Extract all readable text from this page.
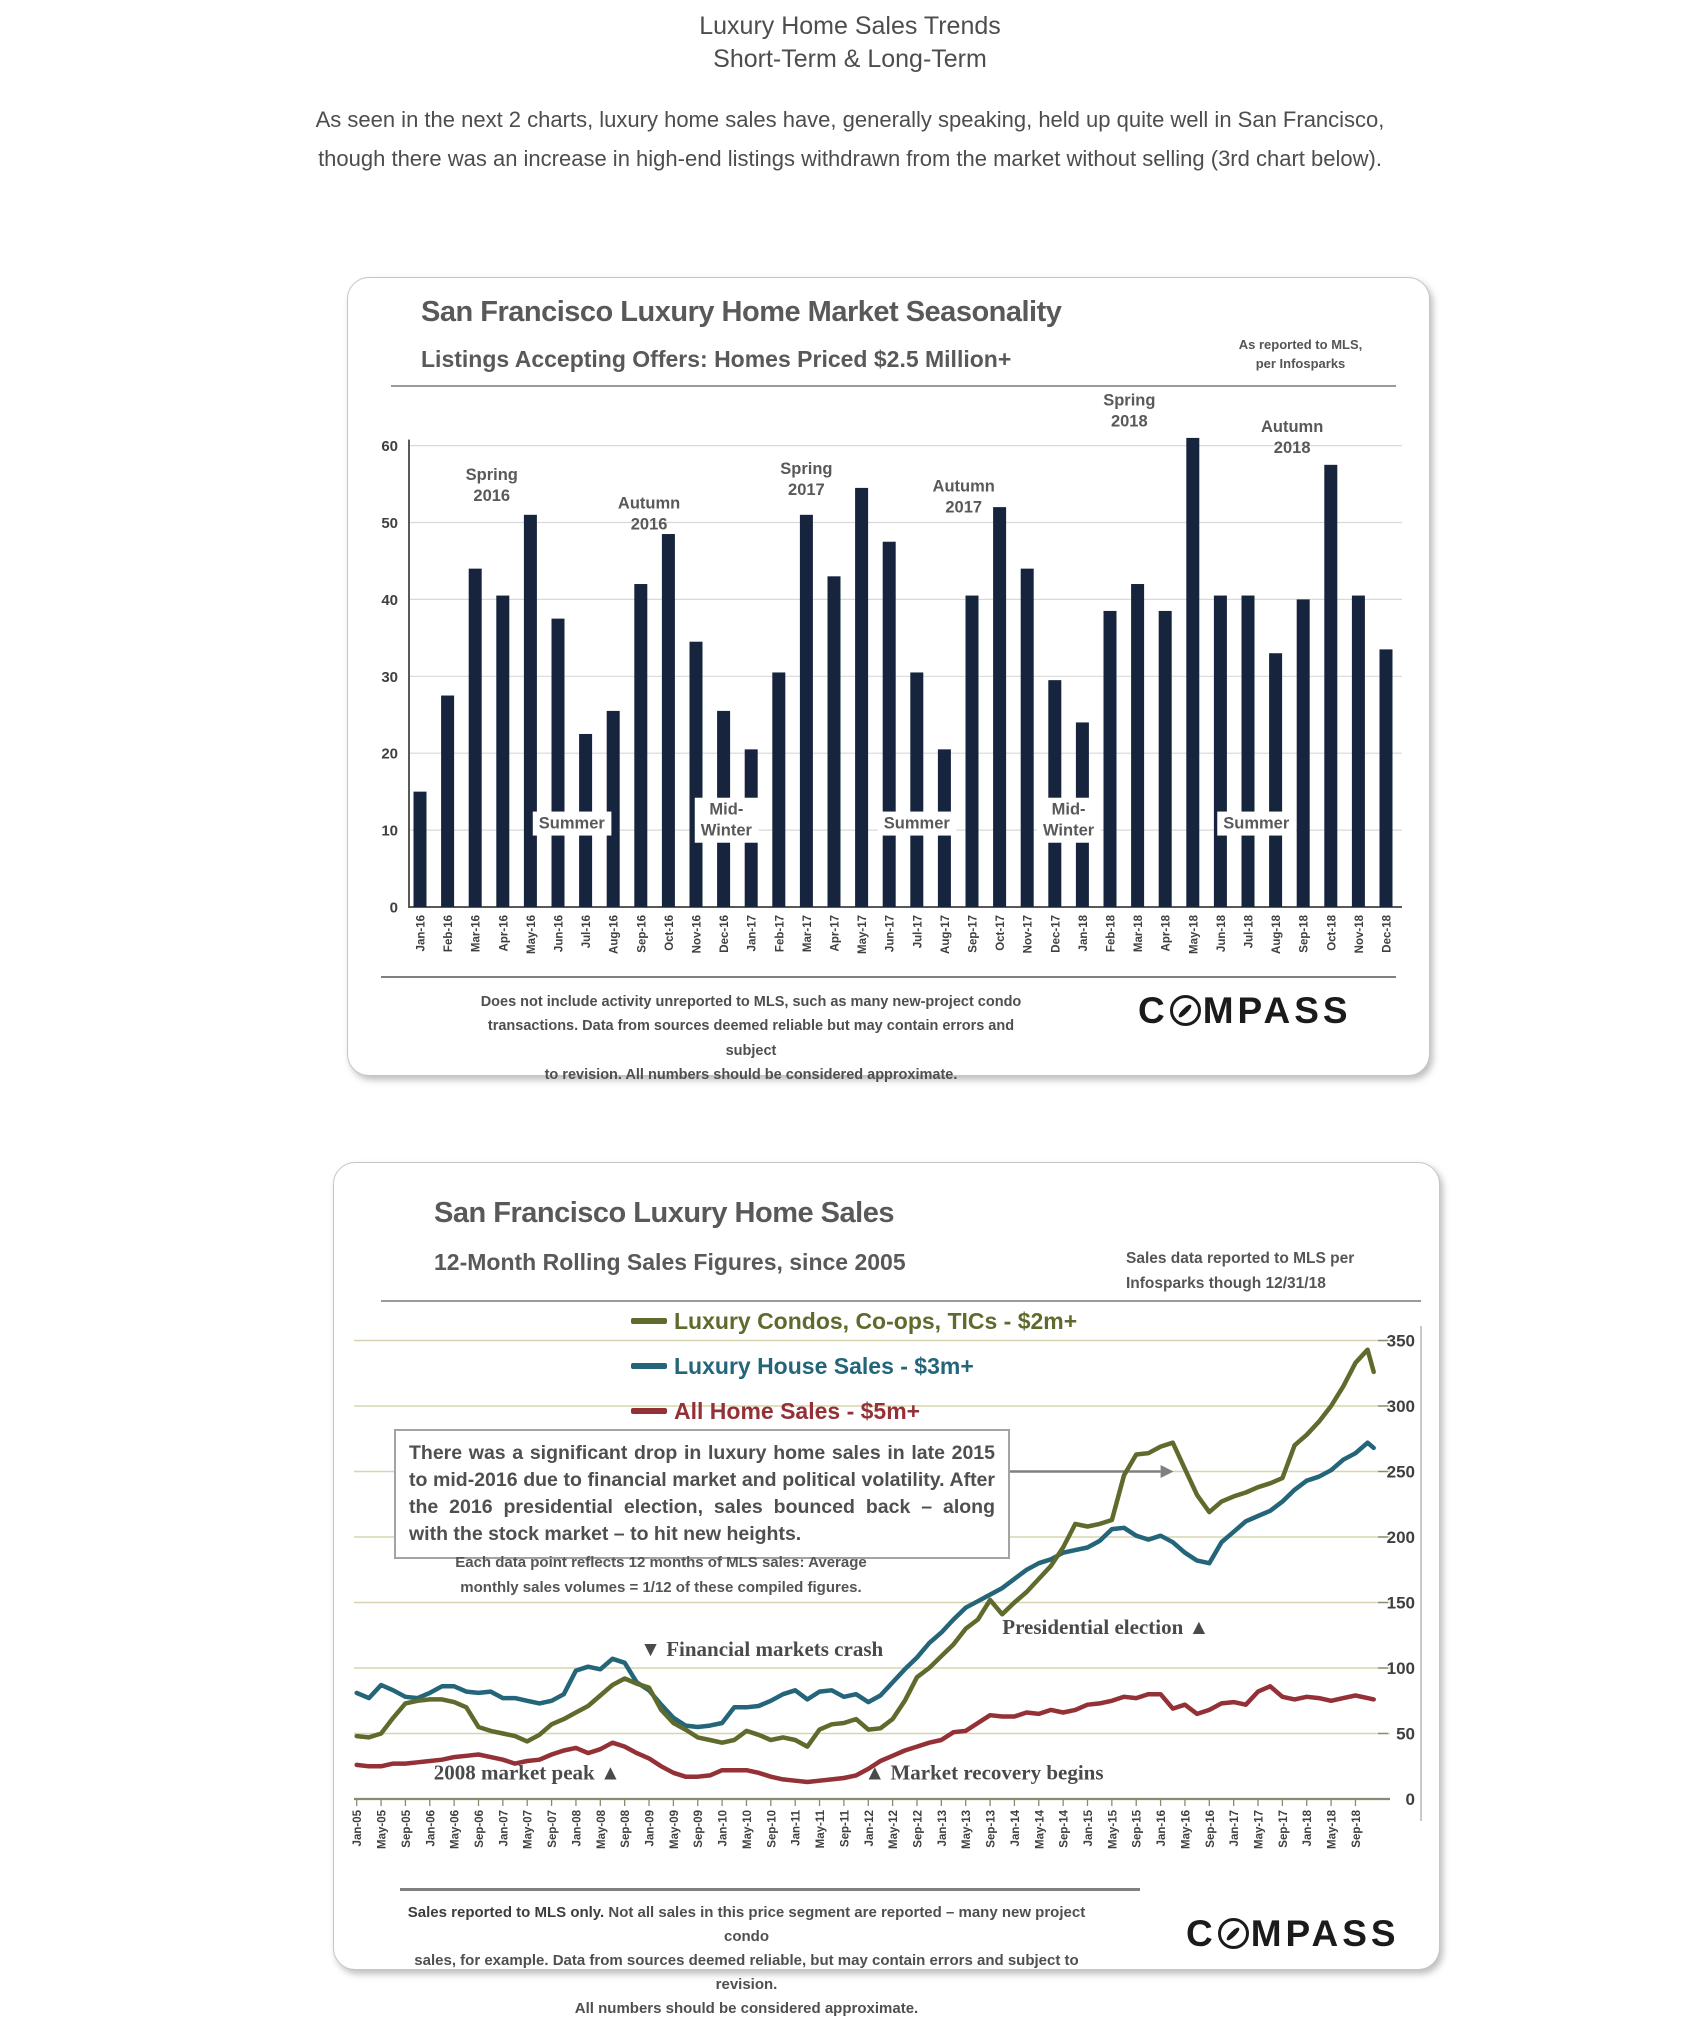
Luxury Home Sales Trends
Short-Term & Long-Term
As seen in the next 2 charts, luxury home sales have, generally speaking, held up quite well in San Francisco,
though there was an increase in high-end listings withdrawn from the market without selling (3rd chart below).
0
10
20
30
40
50
60
Jan-16 Feb-16 Mar-16 Apr-16 May-16 Jun-16 Jul-16 Aug-16 Sep-16 Oct-16 Nov-16 Dec-16 Jan-17 Feb-17 Mar-17 Apr-17 May-17 Jun-17 Jul-17 Aug-17 Sep-17 Oct-17 Nov-17 Dec-17 Jan-18 Feb-18 Mar-18 Apr-18 May-18 Jun-18 Jul-18 Aug-18 Sep-18 Oct-18 Nov-18 Dec-18
Spring 2016	Autumn 2016
Spring 2017	Autumn 2017
Spring 2018	Autumn 2018
Summer
Mid-Winter	Summer
Mid-Winter	Summer
San Francisco Luxury Home Market Seasonality
Listings Accepting Offers: Homes Priced $2.5 Million+
As reported to MLS,
per Infosparks
Does not include activity unreported to MLS, such as many new-project condo
transactions. Data from sources deemed reliable but may contain errors and subject
to revision. All numbers should be considered approximate.
C MPASS
0
50
100
150
200
250
300
350
Jan-05 May-05 Sep-05 Jan-06 May-06 Sep-06 Jan-07 May-07 Sep-07 Jan-08 May-08 Sep-08 Jan-09 May-09 Sep-09 Jan-10 May-10 Sep-10 Jan-11 May-11 Sep-11 Jan-12 May-12 Sep-12 Jan-13 May-13 Sep-13 Jan-14 May-14 Sep-14 Jan-15 May-15 Sep-15 Jan-16 May-16 Sep-16 Jan-17 May-17 Sep-17 Jan-18 May-18 Sep-18
▼ Financial markets crash
Presidential election ▲
2008 market peak ▲	▲ Market recovery begins
San Francisco Luxury Home Sales
12-Month Rolling Sales Figures, since 2005	Sales data reported to MLS per
Infosparks though 12/31/18
Luxury Condos, Co-ops, TICs - $2m+
Luxury House Sales - $3m+
All Home Sales - $5m+
There was a significant drop in luxury home sales in late 2015 to mid-2016 due to financial market and political volatility. After the 2016 presidential election, sales bounced back – along with the stock market – to hit new heights.
Each data point reflects 12 months of MLS sales: Average
monthly sales volumes = 1/12 of these compiled figures.
Sales reported to MLS only. Not all sales in this price segment are reported – many new project condo
sales, for example. Data from sources deemed reliable, but may contain errors and subject to revision.
All numbers should be considered approximate.
C MPASS
